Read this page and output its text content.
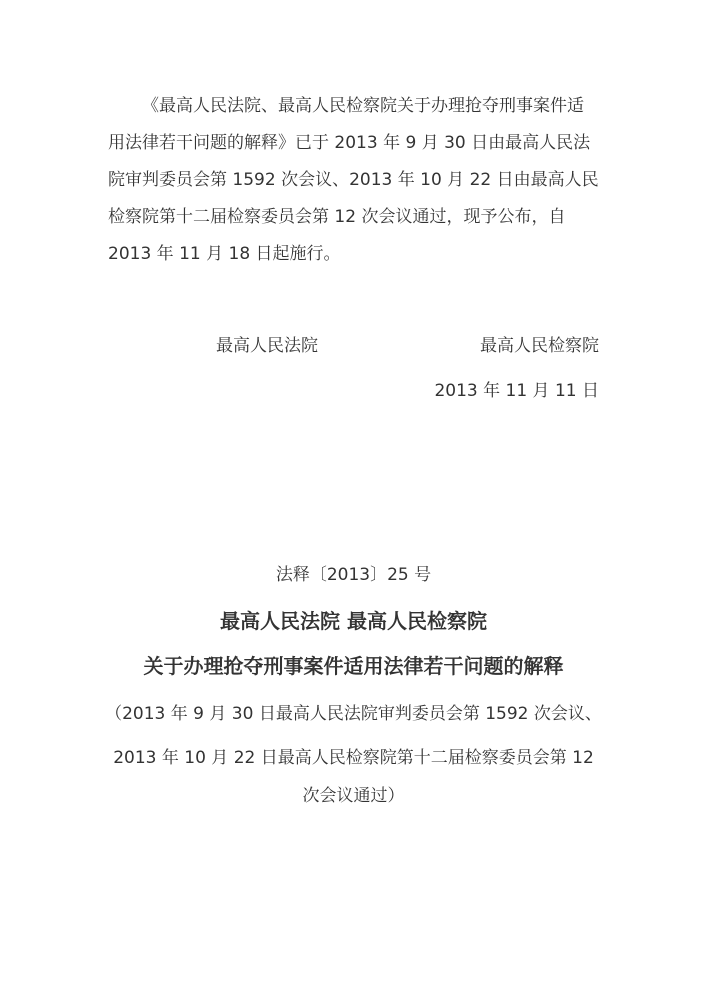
《最高人民法院、最高人民检察院关于办理抢夺刑事案件适
用法律若干问题的解释》已于 2013 年 9 月 30 日由最高人民法
院审判委员会第 1592 次会议、2013 年 10 月 22 日由最高人民
检察院第十二届检察委员会第 12 次会议通过，现予公布，自
2013 年 11 月 18 日起施行。
最高人民法院	最高人民检察院
2013 年 11 月 11 日
法释〔2013〕25 号
最高人民法院 最高人民检察院
关于办理抢夺刑事案件适用法律若干问题的解释
（2013 年 9 月 30 日最高人民法院审判委员会第 1592 次会议、
2013 年 10 月 22 日最高人民检察院第十二届检察委员会第 12
次会议通过）
